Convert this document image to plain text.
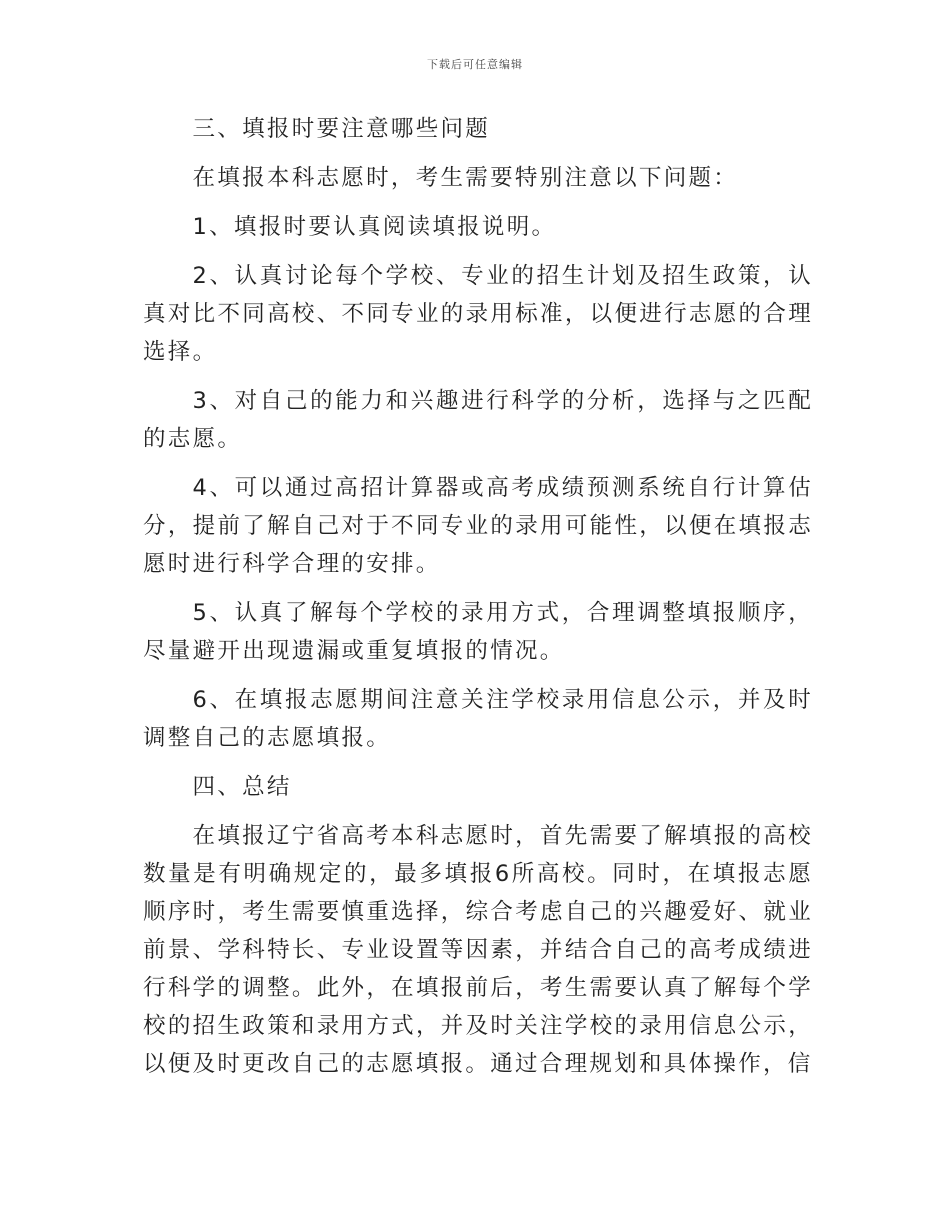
下载后可任意编辑

三、填报时要注意哪些问题

在填报本科志愿时，考生需要特别注意以下问题：

1、填报时要认真阅读填报说明。

2、认真讨论每个学校、专业的招生计划及招生政策，认真对比不同高校、不同专业的录用标准，以便进行志愿的合理选择。

3、对自己的能力和兴趣进行科学的分析，选择与之匹配的志愿。

4、可以通过高招计算器或高考成绩预测系统自行计算估分，提前了解自己对于不同专业的录用可能性，以便在填报志愿时进行科学合理的安排。

5、认真了解每个学校的录用方式，合理调整填报顺序，尽量避开出现遗漏或重复填报的情况。

6、在填报志愿期间注意关注学校录用信息公示，并及时调整自己的志愿填报。

四、总结

在填报辽宁省高考本科志愿时，首先需要了解填报的高校数量是有明确规定的，最多填报6所高校。同时，在填报志愿顺序时，考生需要慎重选择，综合考虑自己的兴趣爱好、就业前景、学科特长、专业设置等因素，并结合自己的高考成绩进行科学的调整。此外，在填报前后，考生需要认真了解每个学校的招生政策和录用方式，并及时关注学校的录用信息公示，以便及时更改自己的志愿填报。通过合理规划和具体操作，信
